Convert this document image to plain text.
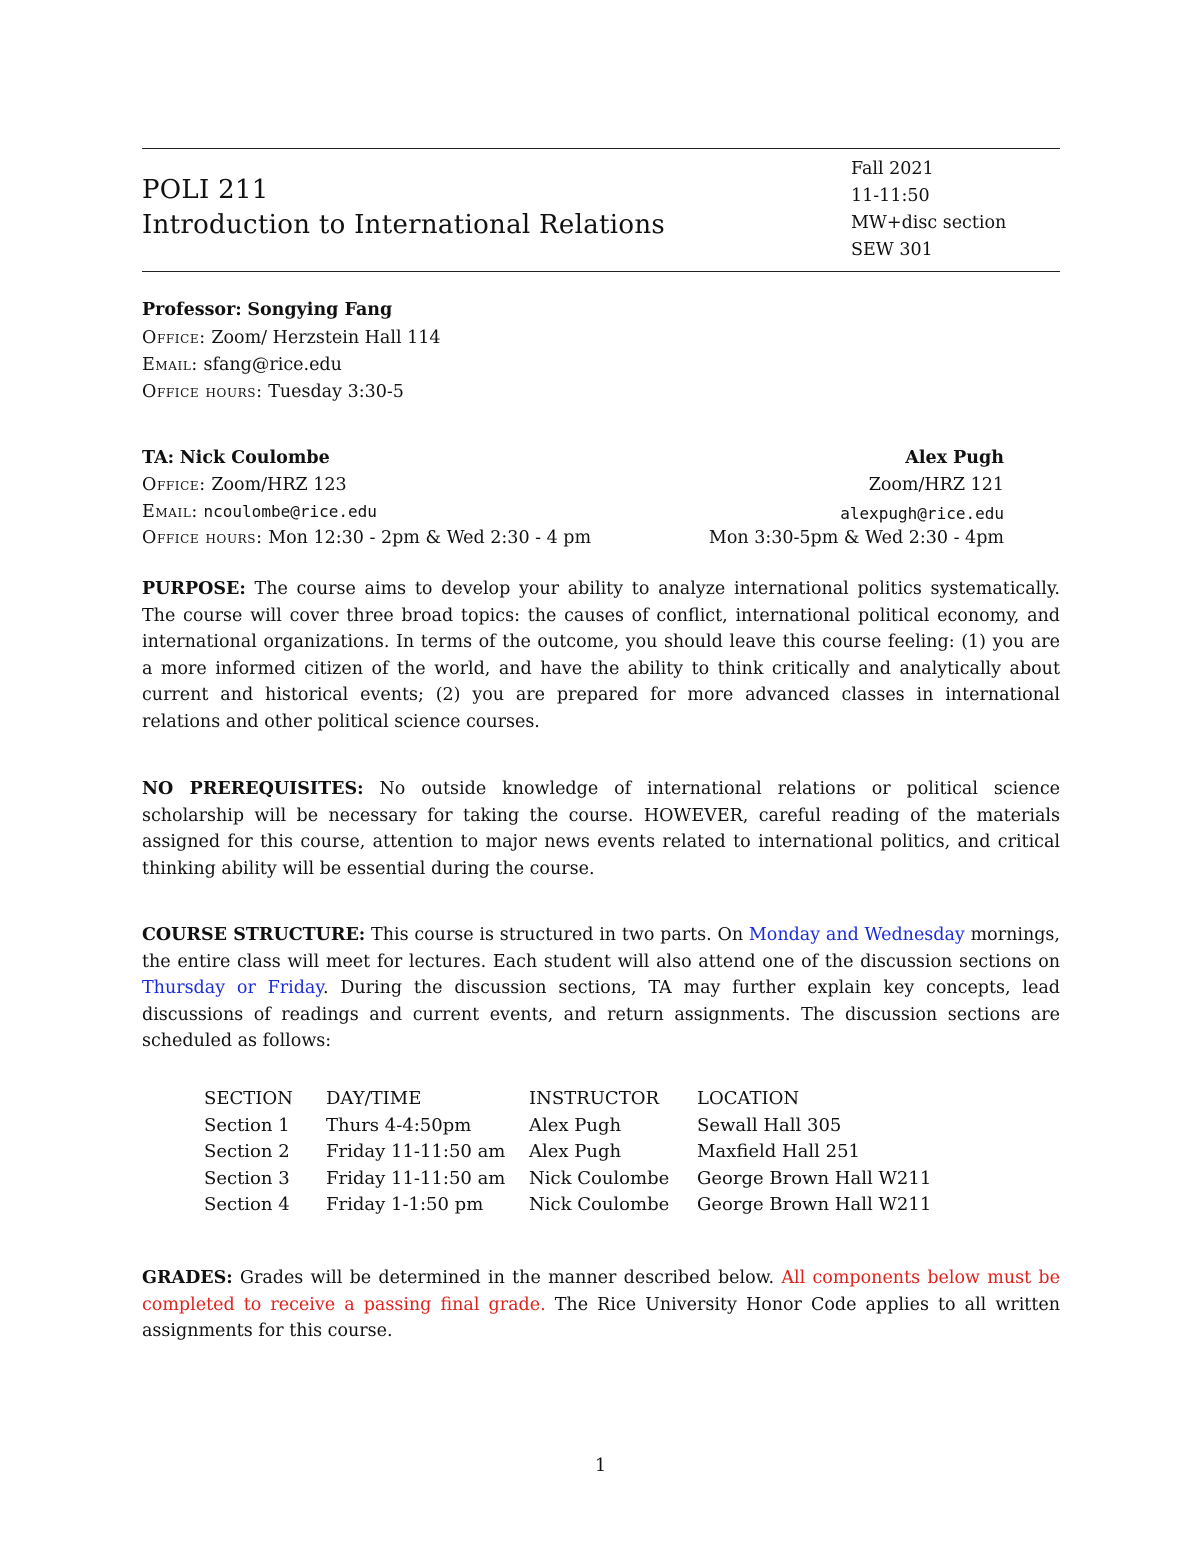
POLI 211
Introduction to International Relations
Fall 2021
11-11:50
MW+disc section
SEW 301
Professor: Songying Fang
Office: Zoom/ Herzstein Hall 114
Email: sfang@rice.edu
Office hours: Tuesday 3:30-5
TA: Nick Coulombe
Office: Zoom/HRZ 123
Email: ncoulombe@rice.edu
Office hours: Mon 12:30 - 2pm & Wed 2:30 - 4 pm
Alex Pugh
Zoom/HRZ 121
alexpugh@rice.edu
Mon 3:30-5pm & Wed 2:30 - 4pm
PURPOSE: The course aims to develop your ability to analyze international politics systematically. The course will cover three broad topics: the causes of conflict, international political economy, and international organizations. In terms of the outcome, you should leave this course feeling: (1) you are a more informed citizen of the world, and have the ability to think critically and analytically about current and historical events; (2) you are prepared for more advanced classes in international relations and other political science courses.
NO PREREQUISITES: No outside knowledge of international relations or political science scholarship will be necessary for taking the course. HOWEVER, careful reading of the materials assigned for this course, attention to major news events related to international politics, and critical thinking ability will be essential during the course.
COURSE STRUCTURE: This course is structured in two parts. On Monday and Wednesday mornings, the entire class will meet for lectures. Each student will also attend one of the discussion sections on Thursday or Friday. During the discussion sections, TA may further explain key concepts, lead discussions of readings and current events, and return assignments. The discussion sections are scheduled as follows:
SECTION	DAY/TIME	INSTRUCTOR	LOCATION
Section 1	Thurs 4-4:50pm	Alex Pugh	Sewall Hall 305
Section 2	Friday 11-11:50 am	Alex Pugh	Maxfield Hall 251
Section 3	Friday 11-11:50 am	Nick Coulombe	George Brown Hall W211
Section 4	Friday 1-1:50 pm	Nick Coulombe	George Brown Hall W211
GRADES: Grades will be determined in the manner described below. All components below must be completed to receive a passing final grade. The Rice University Honor Code applies to all written assignments for this course.
1
